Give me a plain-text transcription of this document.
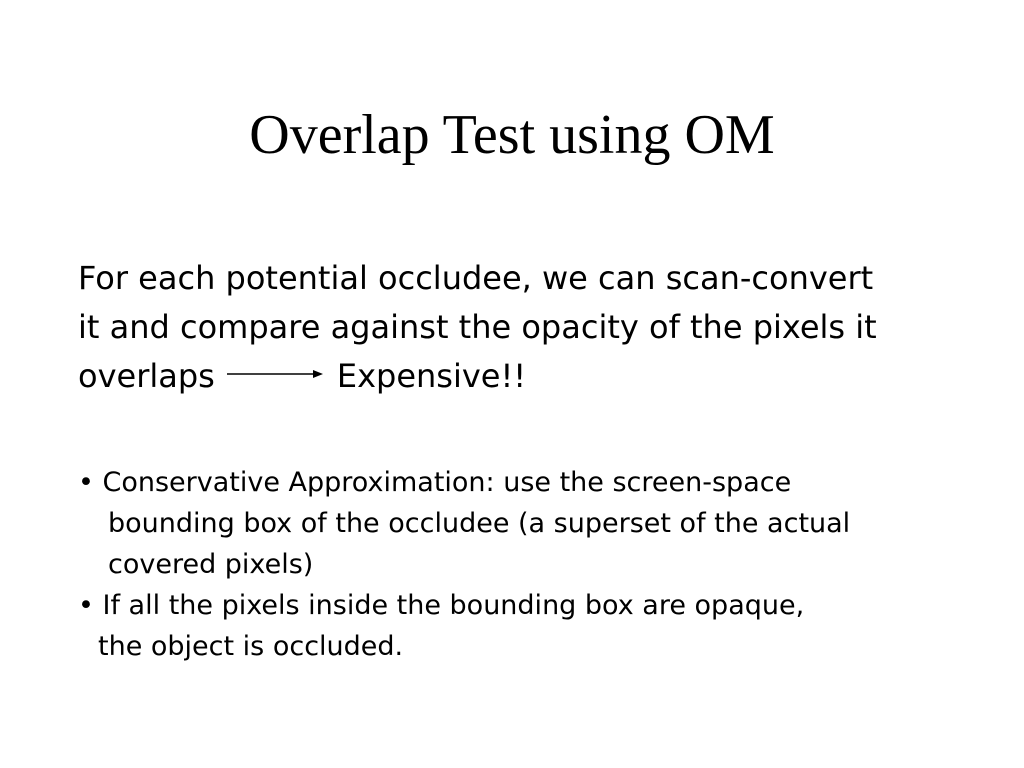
Overlap Test using OM
For each potential occludee, we can scan-convert
it and compare against the opacity of the pixels it
overlaps	Expensive!!
• Conservative Approximation: use the screen-space
bounding box of the occludee (a superset of the actual
covered pixels)
• If all the pixels inside the bounding box are opaque,
the object is occluded.
